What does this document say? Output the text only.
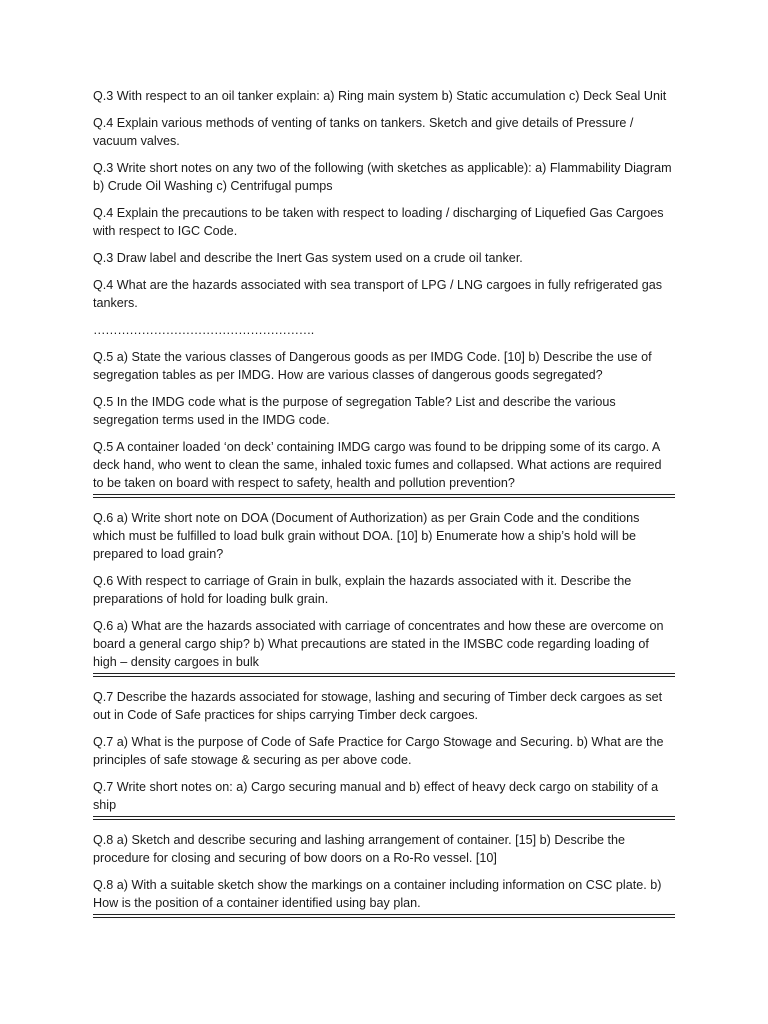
Q.3 With respect to an oil tanker explain: a) Ring main system b) Static accumulation c) Deck Seal Unit

Q.4 Explain various methods of venting of tanks on tankers. Sketch and give details of Pressure / vacuum valves.

Q.3 Write short notes on any two of the following (with sketches as applicable): a) Flammability Diagram b) Crude Oil Washing c) Centrifugal pumps

Q.4 Explain the precautions to be taken with respect to loading / discharging of Liquefied Gas Cargoes with respect to IGC Code.

Q.3 Draw label and describe the Inert Gas system used on a crude oil tanker.

Q.4 What are the hazards associated with sea transport of LPG / LNG cargoes in fully refrigerated gas tankers.

……………………………………………….

Q.5 a) State the various classes of Dangerous goods as per IMDG Code. [10] b) Describe the use of segregation tables as per IMDG. How are various classes of dangerous goods segregated?

Q.5 In the IMDG code what is the purpose of segregation Table? List and describe the various segregation terms used in the IMDG code.

Q.5 A container loaded ‘on deck’ containing IMDG cargo was found to be dripping some of its cargo. A deck hand, who went to clean the same, inhaled toxic fumes and collapsed. What actions are required to be taken on board with respect to safety, health and pollution prevention?

Q.6 a) Write short note on DOA (Document of Authorization) as per Grain Code and the conditions which must be fulfilled to load bulk grain without DOA. [10] b) Enumerate how a ship’s hold will be prepared to load grain?

Q.6 With respect to carriage of Grain in bulk, explain the hazards associated with it. Describe the preparations of hold for loading bulk grain.

Q.6 a) What are the hazards associated with carriage of concentrates and how these are overcome on board a general cargo ship? b) What precautions are stated in the IMSBC code regarding loading of high – density cargoes in bulk

Q.7 Describe the hazards associated for stowage, lashing and securing of Timber deck cargoes as set out in Code of Safe practices for ships carrying Timber deck cargoes.

Q.7 a) What is the purpose of Code of Safe Practice for Cargo Stowage and Securing. b) What are the principles of safe stowage & securing as per above code.

Q.7 Write short notes on: a) Cargo securing manual and b) effect of heavy deck cargo on stability of a ship

Q.8 a) Sketch and describe securing and lashing arrangement of container. [15] b) Describe the procedure for closing and securing of bow doors on a Ro-Ro vessel. [10]

Q.8 a) With a suitable sketch show the markings on a container including information on CSC plate. b) How is the position of a container identified using bay plan.
